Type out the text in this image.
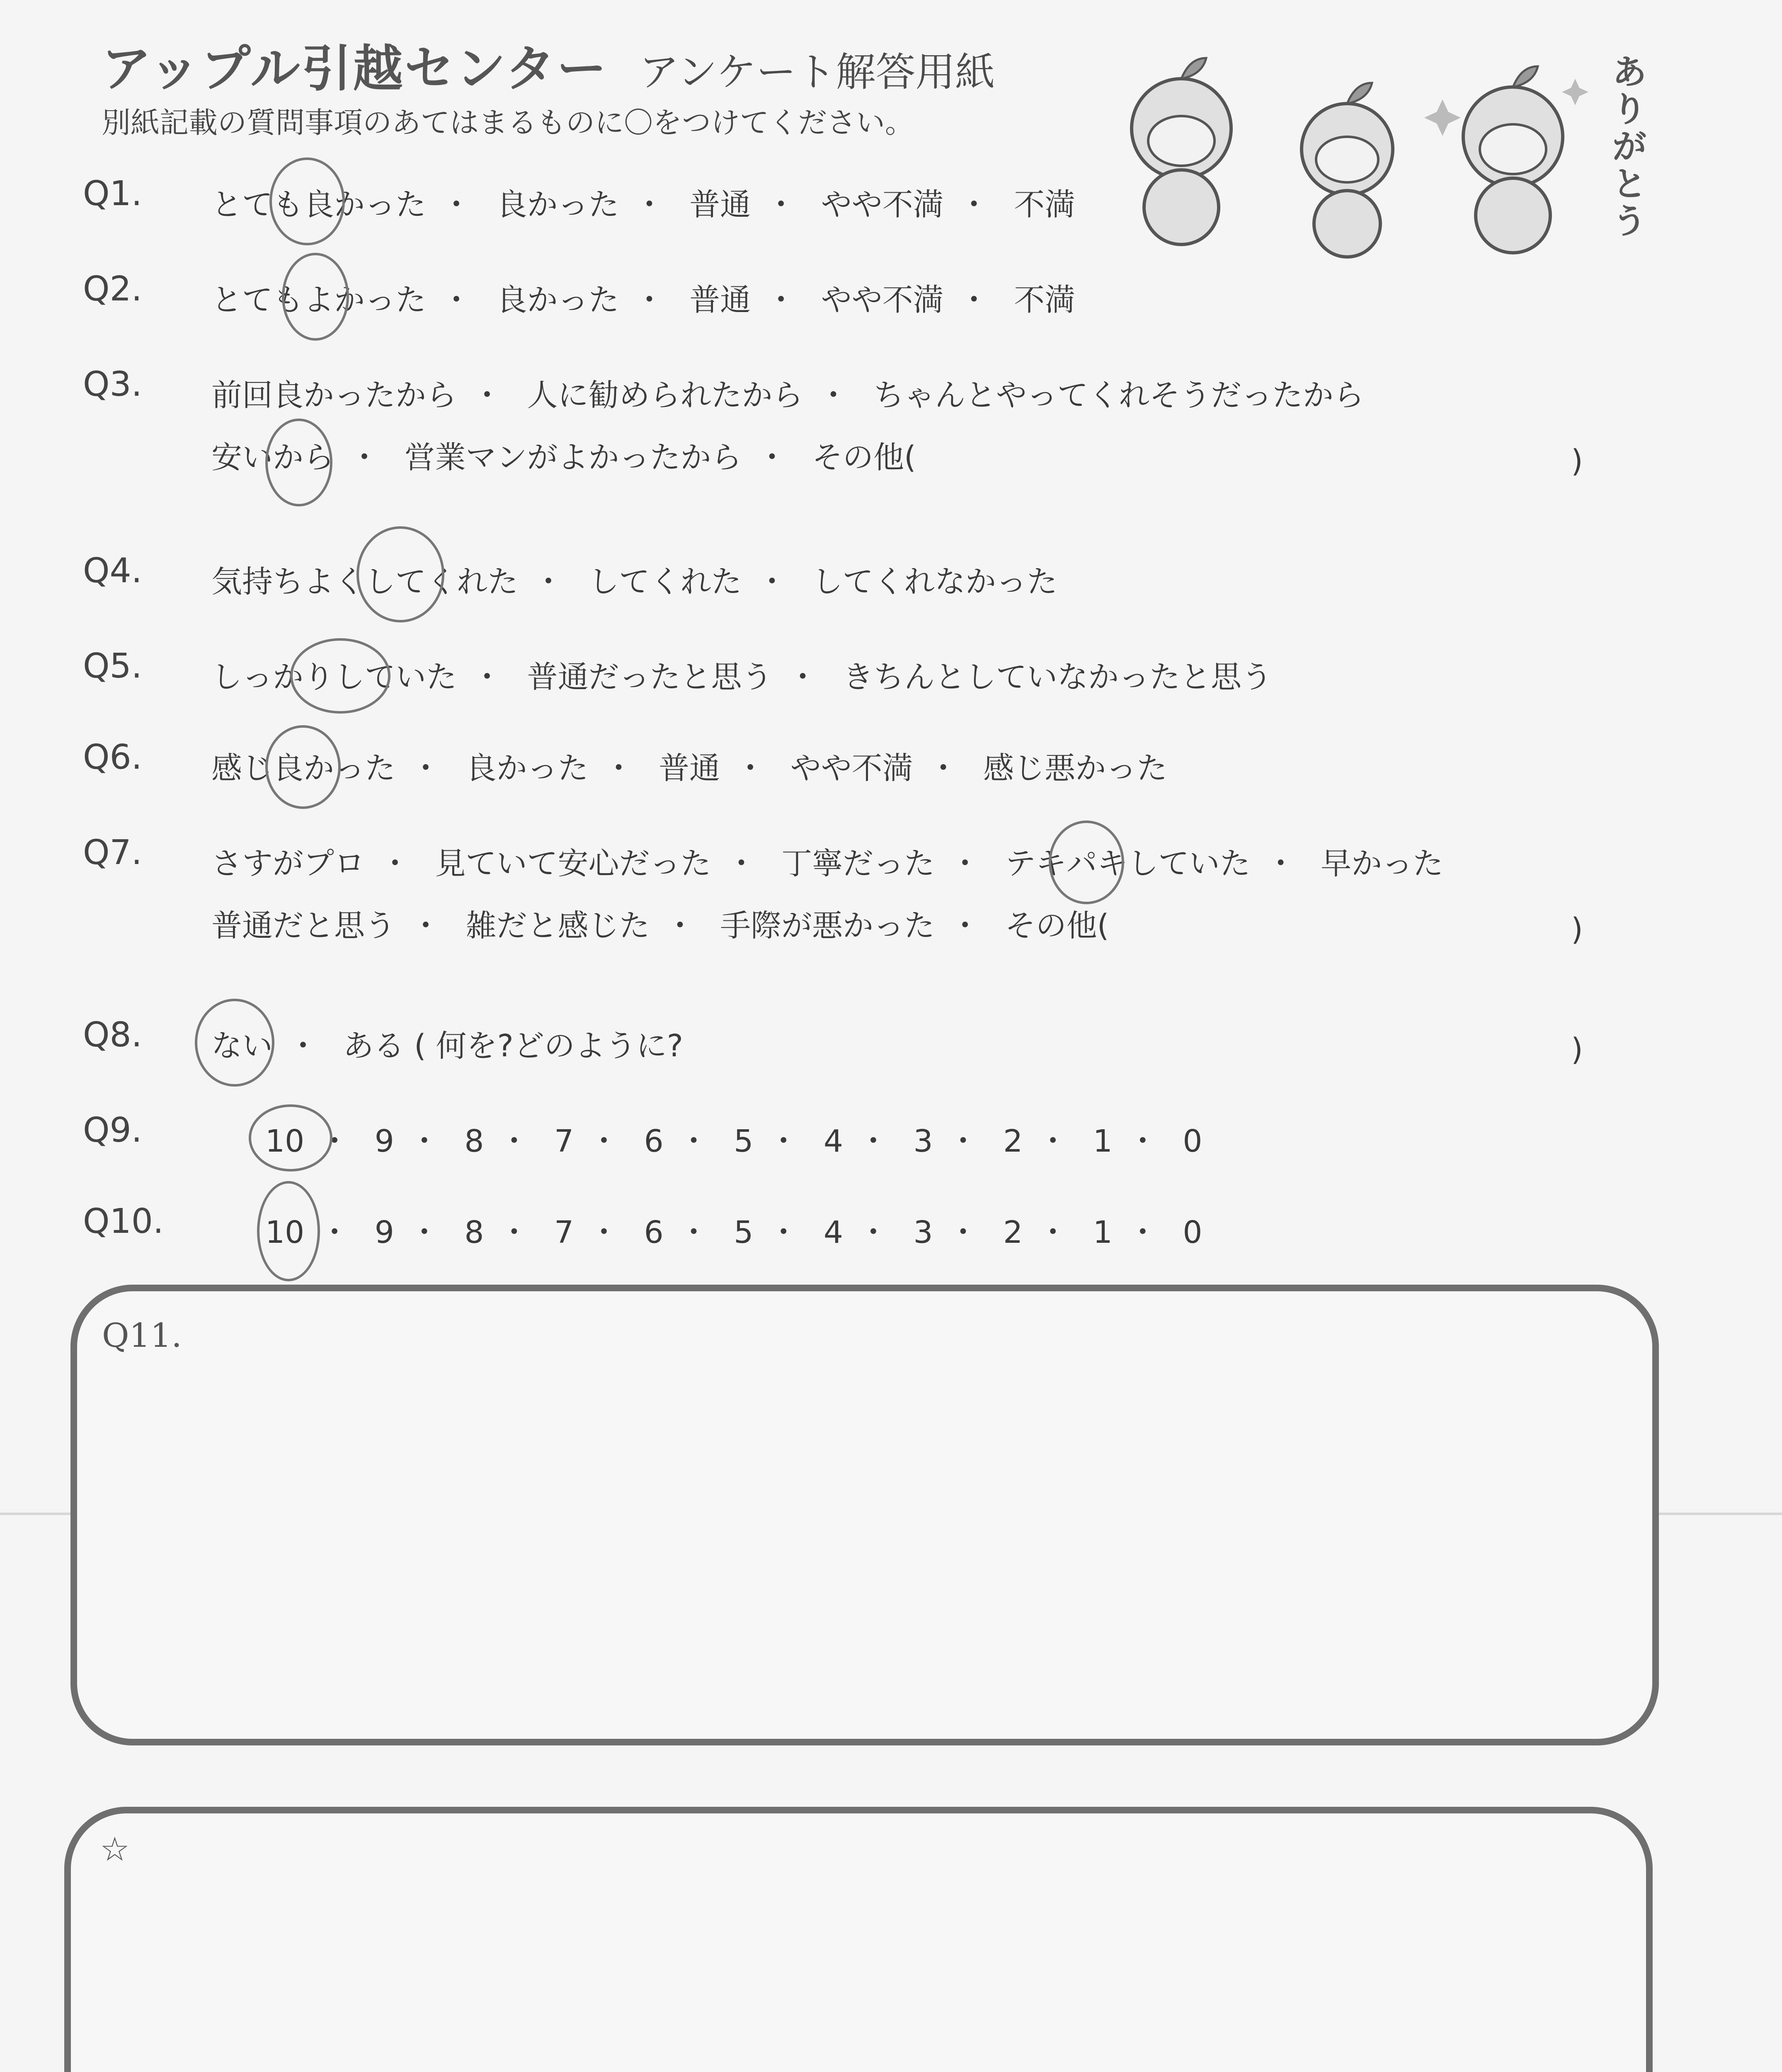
アップル引越センター アンケート解答用紙
別紙記載の質問事項のあてはまるものに〇をつけてください。
ありがとう
Q1.	とても良かった ・ 良かった ・ 普通 ・ やや不満 ・ 不満
Q2.	とてもよかった ・ 良かった ・ 普通 ・ やや不満 ・ 不満
Q3.	前回良かったから ・ 人に勧められたから ・ ちゃんとやってくれそうだったから
安いから ・ 営業マンがよかったから ・ その他(	)
Q4.	気持ちよくしてくれた ・ してくれた ・ してくれなかった
Q5.	しっかりしていた ・ 普通だったと思う ・ きちんとしていなかったと思う
Q6.	感じ良かった ・ 良かった ・ 普通 ・ やや不満 ・ 感じ悪かった
Q7.	さすがプロ ・ 見ていて安心だった ・ 丁寧だった ・ テキパキしていた ・ 早かった
普通だと思う ・ 雑だと感じた ・ 手際が悪かった ・ その他(	)
Q8.	ない ・ ある ( 何を?どのように?	)
Q9.	10 ・ 9 ・ 8 ・ 7 ・ 6 ・ 5 ・ 4 ・ 3 ・ 2 ・ 1 ・ 0
Q10.	10 ・ 9 ・ 8 ・ 7 ・ 6 ・ 5 ・ 4 ・ 3 ・ 2 ・ 1 ・ 0
Q11.
☆
